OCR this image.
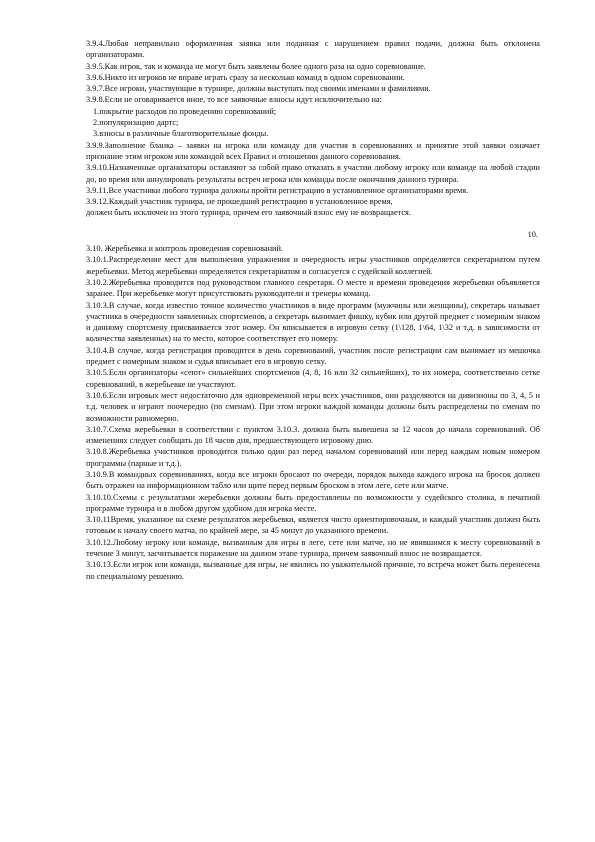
3.9.4.Любая неправильно оформленная заявка или поданная с нарушением правил подачи, должна быть отклонена организаторами.
3.9.5.Как игрок, так и команда не могут быть заявлены более одного раза на одно соревнование.
3.9.6.Никто из игроков не вправе играть сразу за несколько команд в одном соревновании.
3.9.7.Все игроки, участвующие в турнире, должны выступать под своими именами и фамилиями.
3.9.8.Если не оговаривается иное, то все заявочные взносы идут исключительно на:
1.покрытие расходов по проведению соревнований;
2.популяризацию дартс;
3.взносы в различные благотворительные фонды.
3.9.9.Заполнение бланка – заявки на игрока или команду для участия в соревнованиях и принятие этой заявки означает признание этим игроком или командой всех Правил и отношении данного соревнования.
3.9.10.Назначенные организаторы оставляют за собой право отказать в участии любому игроку или команде на любой стадии до, во время или аннулировать результаты встреч игрока или команды после окончания данного турнира.
3.9.11.Все участники любого турнира должны пройти регистрацию в установленное организаторами время.
3.9.12.Каждый участник турнира, не прошедший регистрацию в установленное время,
должен быть исключен из этого турнира, причем его заявочный взнос ему не возвращается.
10.
3.10. Жеребьевка и контроль проведения соревнований.
3.10.1.Распределение мест для выполнения упражнения и очередность игры участников определяется секретариатом путем жеребьевки. Метод жеребьевки определяется секретариатом и согласуется с судейской коллегией.
3.10.2.Жеребьевка проводится под руководством главного секретаря. О месте и времени проведения жеребьевки объявляется заранее. При жеребьевке могут присутствовать руководители и тренеры команд.
3.10.3.В случае, когда известно точное количество участников в виде программ (мужчины или женщины), секретарь называет участника в очередности заявленных спортсменов, а секретарь вынимает фишку, кубик или другой предмет с номерным знаком и данному спортсмену присваивается этот номер. Он вписывается в игровую сетку (1\128, 1\64, 1\32 и т.д. в зависимости от количества заявленных) на то место, которое соответствует его номеру.
3.10.4.В случае, когда регистрация проводится в день соревнований, участник после регистрации сам вынимает из мешочка предмет с номерным знаком и судья вписывает его в игровую сетку.
3.10.5.Если организаторы «сеют» сильнейших спортсменов (4, 8, 16 или 32 сильнейших), то их номера, соответственно сетке соревнований, в жеребьевке не участвуют.
3.10.6.Если игровых мест недостаточно для одновременной игры всех участников, они разделяются на дивизионы по 3, 4, 5 и т.д. человек и играют поочередно (по сменам). При этом игроки каждой команды должны быть распределены по сменам по возможности равномерно.
3.10.7.Схема жеребьевки в соответствии с пунктом 3.10.3. должна быть вывешена за 12 часов до начала соревнований. Об изменениях следует сообщать до 18 часов дня, предшествующего игровому дню.
3.10.8.Жеребьевка участников проводится только один раз перед началом соревнований или перед каждым новым номером программы (парные и т.д.).
3.10.9.В командных соревнованиях, когда все игроки бросают по очереди, порядок выхода каждого игрока на бросок должен быть отражен на информационном табло или щите перед первым броском в этом леге, сете или матче.
3.10.10.Схемы с результатами жеребьевки должны быть предоставлены по возможности у судейского столика, в печатной программе турнира и в любом другом удобном для игрока месте.
3.10.11Время, указанное на схеме результатов жеребьевки, является чисто ориентировочным, и каждый участник должен быть готовым к началу своего матча, по крайней мере, за 45 минут до указанного времени.
3.10.12.Любому игроку или команде, вызванным для игры в легe, сете или матче, но не явившимся к месту соревнований в течение 3 минут, засчитывается поражение на данном этапе турнира, причем заявочный взнос не возвращается.
3.10.13.Если игрок или команда, вызванные для игры, не явились по уважительной причине, то встреча может быть перенесена по специальному решению.
